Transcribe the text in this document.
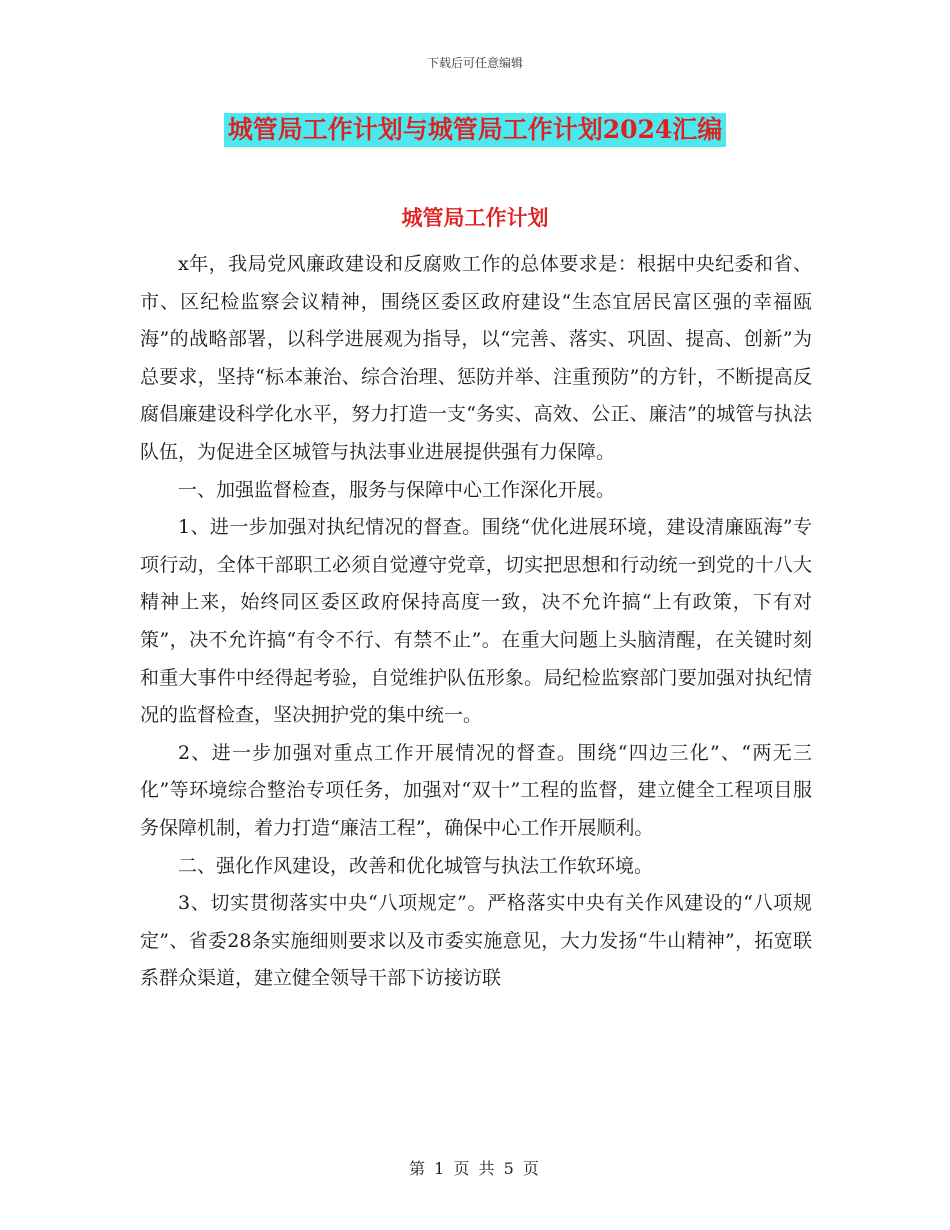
下载后可任意编辑
城管局工作计划与城管局工作计划2024汇编
城管局工作计划

x年，我局党风廉政建设和反腐败工作的总体要求是：根据中央纪委和省、市、区纪检监察会议精神，围绕区委区政府建设“生态宜居民富区强的幸福瓯海”的战略部署，以科学进展观为指导，以“完善、落实、巩固、提高、创新”为总要求，坚持“标本兼治、综合治理、惩防并举、注重预防”的方针，不断提高反腐倡廉建设科学化水平，努力打造一支“务实、高效、公正、廉洁”的城管与执法队伍，为促进全区城管与执法事业进展提供强有力保障。

一、加强监督检查，服务与保障中心工作深化开展。

1、进一步加强对执纪情况的督查。围绕“优化进展环境，建设清廉瓯海”专项行动，全体干部职工必须自觉遵守党章，切实把思想和行动统一到党的十八大精神上来，始终同区委区政府保持高度一致，决不允许搞“上有政策，下有对策”，决不允许搞“有令不行、有禁不止”。在重大问题上头脑清醒，在关键时刻和重大事件中经得起考验，自觉维护队伍形象。局纪检监察部门要加强对执纪情况的监督检查，坚决拥护党的集中统一。

2、进一步加强对重点工作开展情况的督查。围绕“四边三化”、“两无三化”等环境综合整治专项任务，加强对“双十”工程的监督，建立健全工程项目服务保障机制，着力打造“廉洁工程”，确保中心工作开展顺利。

二、强化作风建设，改善和优化城管与执法工作软环境。

3、切实贯彻落实中央“八项规定”。严格落实中央有关作风建设的“八项规定”、省委28条实施细则要求以及市委实施意见，大力发扬“牛山精神”，拓宽联系群众渠道，建立健全领导干部下访接访联

第 1 页 共 5 页
